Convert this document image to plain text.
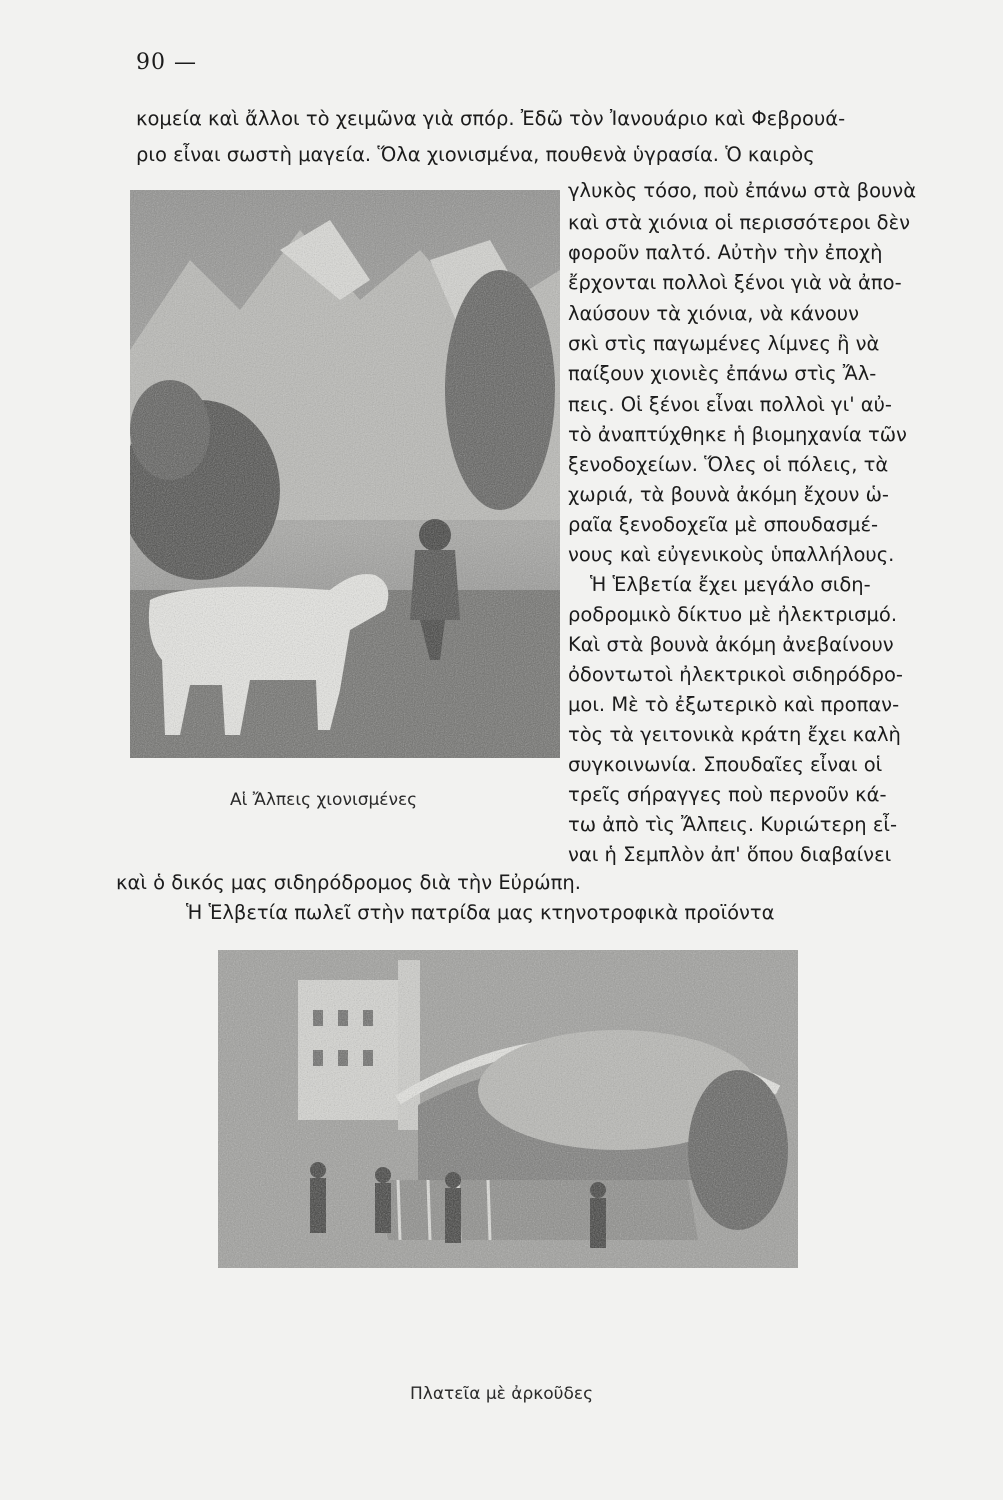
90 —
κομεία καὶ ἄλλοι τὸ χειμῶνα γιὰ σπόρ. Ἐδῶ τὸν Ἰανουάριο καὶ Φεβρουά-
ριο εἶναι σωστὴ μαγεία. Ὅλα χιονισμένα, πουθενὰ ὑγρασία. Ὁ καιρὸς
γλυκὸς τόσο, ποὺ ἐπάνω στὰ βουνὰ
καὶ στὰ χιόνια οἱ περισσότεροι δὲν
φοροῦν παλτό. Αὐτὴν τὴν ἐποχὴ
ἔρχονται πολλοὶ ξένοι γιὰ νὰ ἀπο-
λαύσουν τὰ χιόνια, νὰ κάνουν
σκὶ στὶς παγωμένες λίμνες ἢ νὰ
παίξουν χιονιὲς ἐπάνω στὶς Ἄλ-
πεις. Οἱ ξένοι εἶναι πολλοὶ γι' αὐ-
τὸ ἀναπτύχθηκε ἡ βιομηχανία τῶν
ξενοδοχείων. Ὅλες οἱ πόλεις, τὰ
χωριά, τὰ βουνὰ ἀκόμη ἔχουν ὡ-
ραῖα ξενοδοχεῖα μὲ σπουδασμέ-
νους καὶ εὐγενικοὺς ὑπαλλήλους.
Ἡ Ἑλβετία ἔχει μεγάλο σιδη-
ροδρομικὸ δίκτυο μὲ ἠλεκτρισμό.
Καὶ στὰ βουνὰ ἀκόμη ἀνεβαίνουν
ὀδοντωτοὶ ἠλεκτρικοὶ σιδηρόδρο-
μοι. Μὲ τὸ ἐξωτερικὸ καὶ προπαν-
τὸς τὰ γειτονικὰ κράτη ἔχει καλὴ
συγκοινωνία. Σπουδαῖες εἶναι οἱ
τρεῖς σήραγγες ποὺ περνοῦν κά-
τω ἀπὸ τὶς Ἄλπεις. Κυριώτερη εἶ-
ναι ἡ Σεμπλὸν ἀπ' ὅπου διαβαίνει
καὶ ὁ δικός μας σιδηρόδρομος διὰ τὴν Εὐρώπη.
Ἡ Ἑλβετία πωλεῖ στὴν πατρίδα μας κτηνοτροφικὰ προϊόντα
Αἱ Ἄλπεις χιονισμένες
Πλατεῖα μὲ ἀρκοῦδες
